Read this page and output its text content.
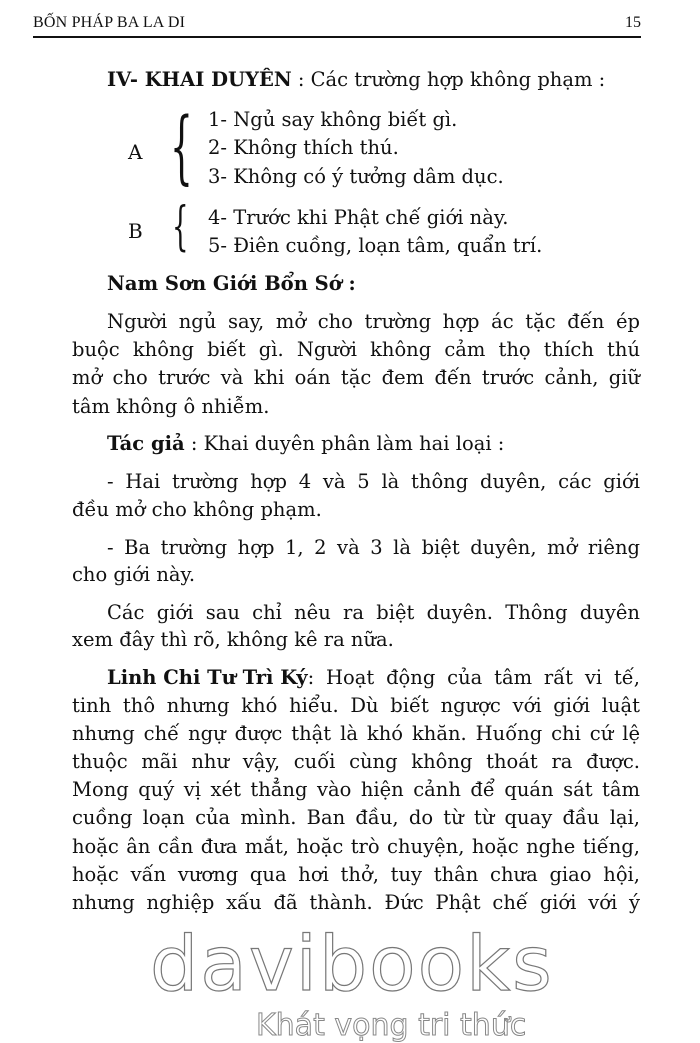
BỐN PHÁP BA LA DI	15
IV- KHAI DUYÊN : Các trường hợp không phạm :
A { 1- Ngủ say không biết gì.
2- Không thích thú.
3- Không có ý tưởng dâm dục.
B { 4- Trước khi Phật chế giới này.
5- Điên cuồng, loạn tâm, quẩn trí.
Nam Sơn Giới Bổn Sớ :
Người ngủ say, mở cho trường hợp ác tặc đến ép
buộc không biết gì. Người không cảm thọ thích thú
mở cho trước và khi oán tặc đem đến trước cảnh, giữ
tâm không ô nhiễm.
Tác giả : Khai duyên phân làm hai loại :
- Hai trường hợp 4 và 5 là thông duyên, các giới
đều mở cho không phạm.
- Ba trường hợp 1, 2 và 3 là biệt duyên, mở riêng
cho giới này.
Các giới sau chỉ nêu ra biệt duyên. Thông duyên
xem đây thì rõ, không kê ra nữa.
Linh Chi Tư Trì Ký : Hoạt động của tâm rất vi tế,
tinh thô nhưng khó hiểu. Dù biết ngược với giới luật
nhưng chế ngự được thật là khó khăn. Huống chi cứ lệ
thuộc mãi như vậy, cuối cùng không thoát ra được.
Mong quý vị xét thẳng vào hiện cảnh để quán sát tâm
cuồng loạn của mình. Ban đầu, do từ từ quay đầu lại,
hoặc ân cần đưa mắt, hoặc trò chuyện, hoặc nghe tiếng,
hoặc vấn vương qua hơi thở, tuy thân chưa giao hội,
nhưng nghiệp xấu đã thành. Đức Phật chế giới với ý
davibooks
Khát vọng tri thức
